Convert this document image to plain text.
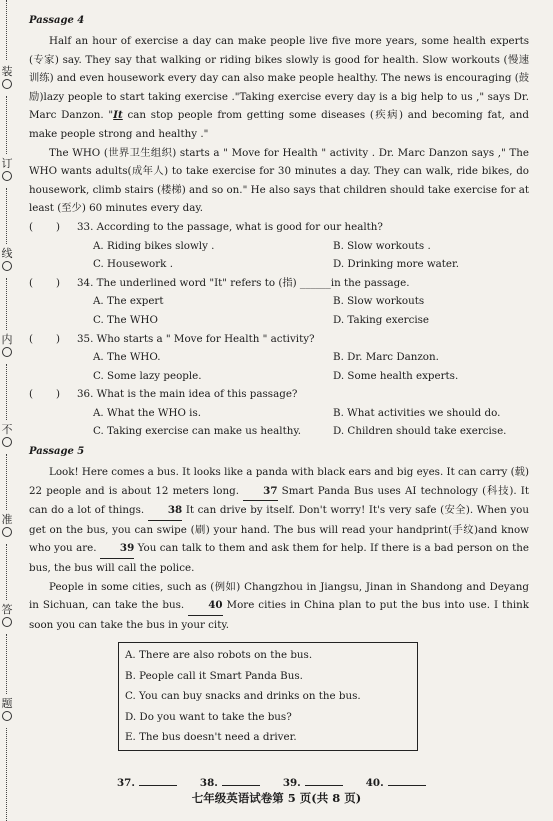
装
订
线
内
不
准
答
题
Passage 4

Half an hour of exercise a day can make people live five more years, some health experts (专家) say. They say that walking or riding bikes slowly is good for health. Slow workouts (慢速训练) and even housework every day can also make people healthy. The news is encouraging (鼓励)lazy people to start taking exercise ."Taking exercise every day is a big help to us ," says Dr. Marc Danzon. "It can stop people from getting some diseases (疾病) and becoming fat, and make people strong and healthy ."

The WHO (世界卫生组织) starts a " Move for Health " activity . Dr. Marc Danzon says ," The WHO wants adults(成年人) to take exercise for 30 minutes a day. They can walk, ride bikes, do housework, climb stairs (楼梯) and so on." He also says that children should take exercise for at least (至少) 60 minutes every day.

( )	33. According to the passage, what is good for our health?
A. Riding bikes slowly .	B. Slow workouts .
C. Housework .	D. Drinking more water.
( )	34. The underlined word "It" refers to (指) ______in the passage.
A. The expert	B. Slow workouts
C. The WHO	D. Taking exercise
( )	35. Who starts a " Move for Health " activity?
A. The WHO.	B. Dr. Marc Danzon.
C. Some lazy people.	D. Some health experts.
( )	36. What is the main idea of this passage?
A. What the WHO is.	B. What activities we should do.
C. Taking exercise can make us healthy.	D. Children should take exercise.
Passage 5

Look! Here comes a bus. It looks like a panda with black ears and big eyes. It can carry (载) 22 people and is about 12 meters long. 37 Smart Panda Bus uses AI technology (科技). It can do a lot of things. 38 It can drive by itself. Don't worry! It's very safe (安全). When you get on the bus, you can swipe (刷) your hand. The bus will read your handprint(手纹)and know who you are. 39 You can talk to them and ask them for help. If there is a bad person on the bus, the bus will call the police.

People in some cities, such as (例如) Changzhou in Jiangsu, Jinan in Shandong and Deyang in Sichuan, can take the bus. 40 More cities in China plan to put the bus into use. I think soon you can take the bus in your city.

A. There are also robots on the bus.
B. People call it Smart Panda Bus.
C. You can buy snacks and drinks on the bus.
D. Do you want to take the bus?
E. The bus doesn't need a driver.
37.	38.	39.	40.
七年级英语试卷第 5 页(共 8 页)
